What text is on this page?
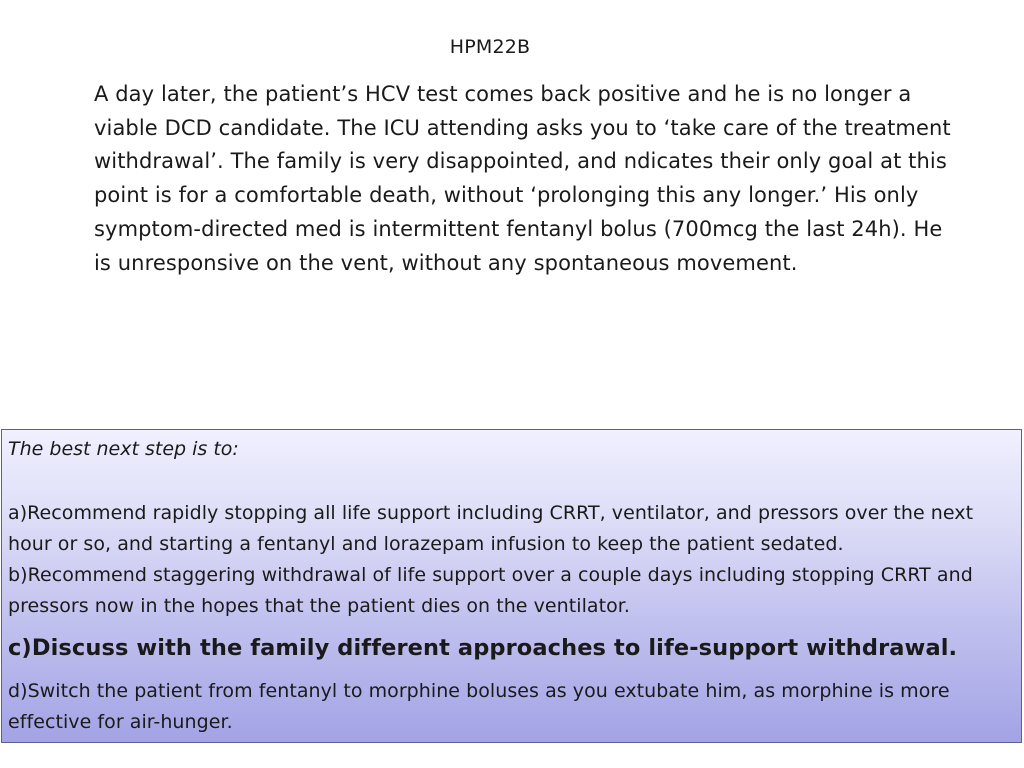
HPM22B
A day later, the patient’s HCV test comes back positive and he is no longer a viable DCD candidate. The ICU attending asks you to ‘take care of the treatment withdrawal’. The family is very disappointed, and ndicates their only goal at this point is for a comfortable death, without ‘prolonging this any longer.’ His only symptom-directed med is intermittent fentanyl bolus (700mcg the last 24h). He is unresponsive on the vent, without any spontaneous movement.

The best next step is to:

a)Recommend rapidly stopping all life support including CRRT, ventilator, and pressors over the next hour or so, and starting a fentanyl and lorazepam infusion to keep the patient sedated.

b)Recommend staggering withdrawal of life support over a couple days including stopping CRRT and pressors now in the hopes that the patient dies on the ventilator.

c)Discuss with the family different approaches to life-support withdrawal.

d)Switch the patient from fentanyl to morphine boluses as you extubate him, as morphine is more effective for air-hunger.
